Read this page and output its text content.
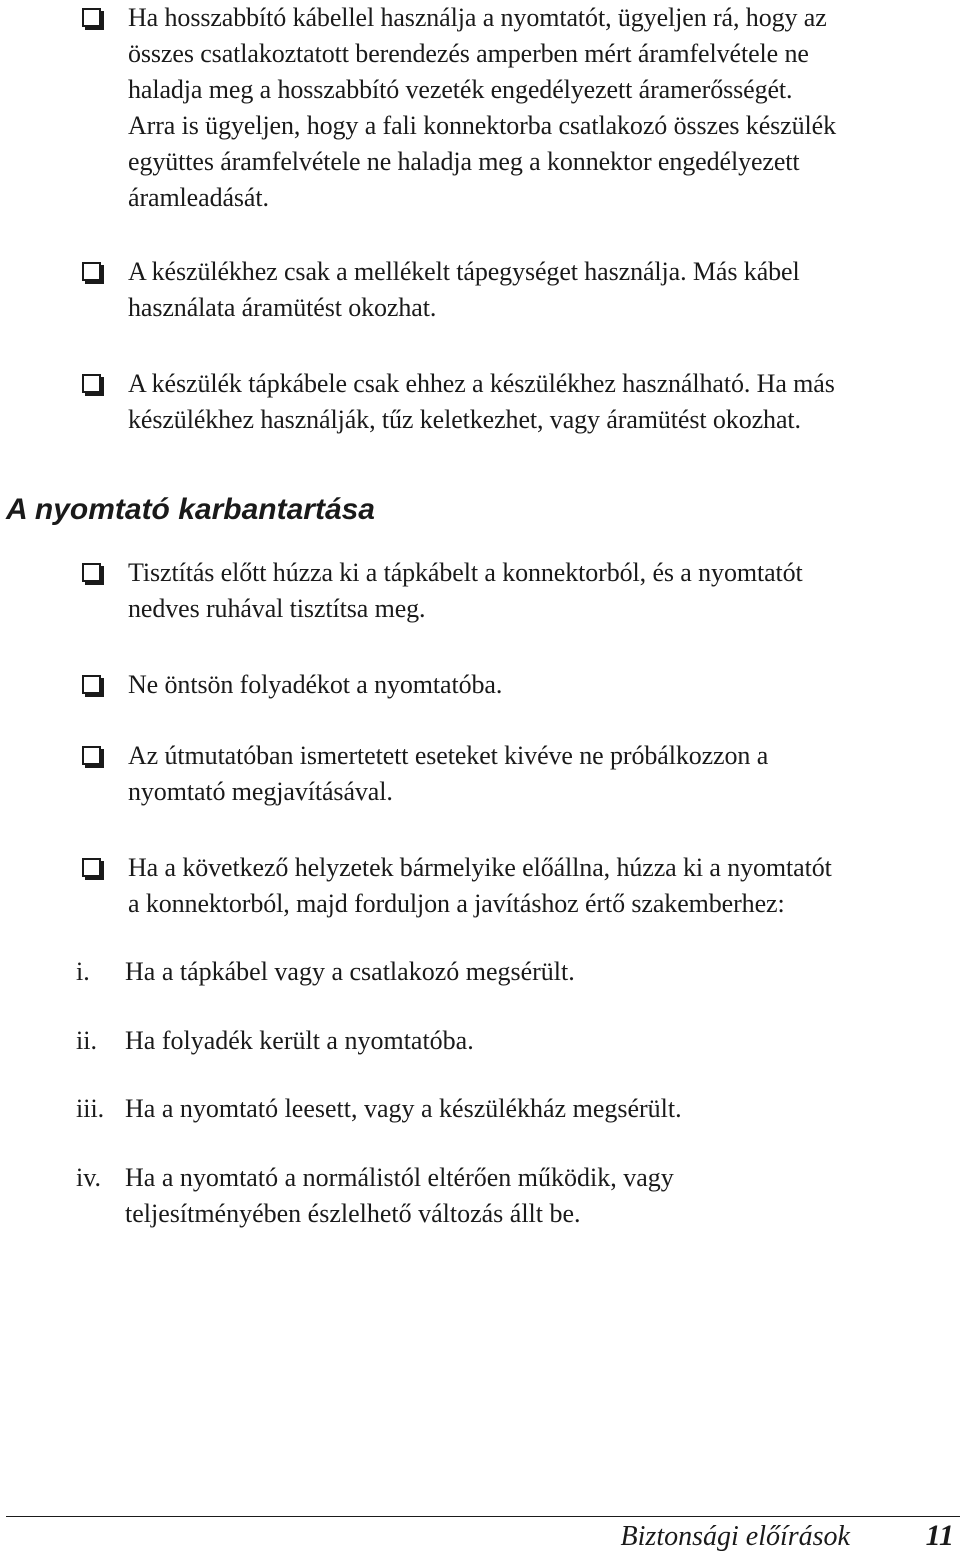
Ha hosszabbító kábellel használja a nyomtatót, ügyeljen rá, hogy az
összes csatlakoztatott berendezés amperben mért áramfelvétele ne
haladja meg a hosszabbító vezeték engedélyezett áramerősségét.
Arra is ügyeljen, hogy a fali konnektorba csatlakozó összes készülék
együttes áramfelvétele ne haladja meg a konnektor engedélyezett
áramleadását.
A készülékhez csak a mellékelt tápegységet használja. Más kábel
használata áramütést okozhat.
A készülék tápkábele csak ehhez a készülékhez használható. Ha más
készülékhez használják, tűz keletkezhet, vagy áramütést okozhat.
A nyomtató karbantartása
Tisztítás előtt húzza ki a tápkábelt a konnektorból, és a nyomtatót
nedves ruhával tisztítsa meg.
Ne öntsön folyadékot a nyomtatóba.
Az útmutatóban ismertetett eseteket kivéve ne próbálkozzon a
nyomtató megjavításával.
Ha a következő helyzetek bármelyike előállna, húzza ki a nyomtatót
a konnektorból, majd forduljon a javításhoz értő szakemberhez:
i. Ha a tápkábel vagy a csatlakozó megsérült.
ii. Ha folyadék került a nyomtatóba.
iii. Ha a nyomtató leesett, vagy a készülékház megsérült.
iv. Ha a nyomtató a normálistól eltérően működik, vagy
teljesítményében észlelhető változás állt be.
Biztonsági előírások	11
